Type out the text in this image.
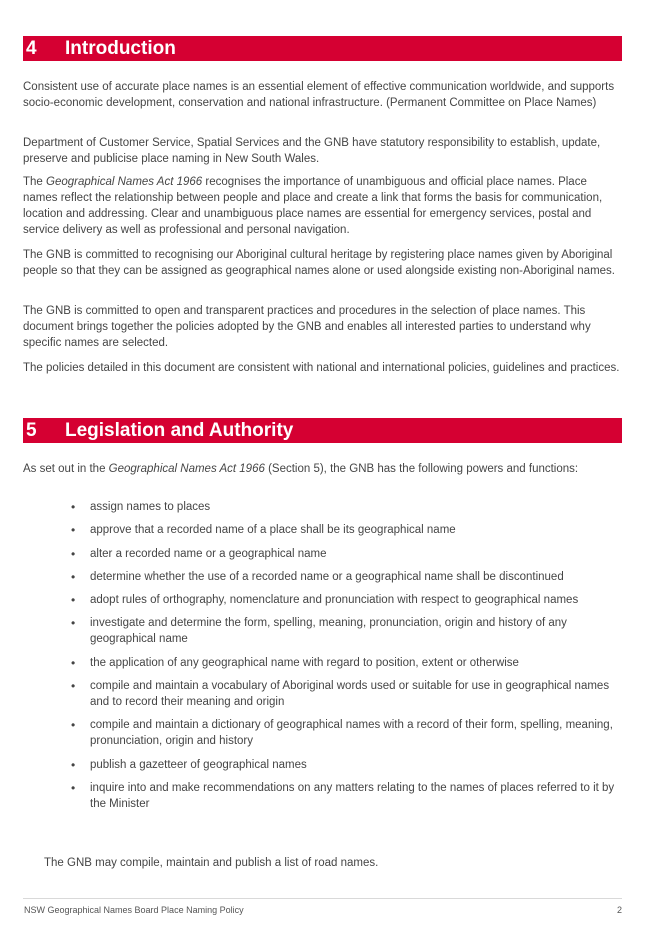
4 Introduction

Consistent use of accurate place names is an essential element of effective communication worldwide, and supports socio-economic development, conservation and national infrastructure. (Permanent Committee on Place Names)

Department of Customer Service, Spatial Services and the GNB have statutory responsibility to establish, update, preserve and publicise place naming in New South Wales.

The Geographical Names Act 1966 recognises the importance of unambiguous and official place names. Place names reflect the relationship between people and place and create a link that forms the basis for communication, location and addressing. Clear and unambiguous place names are essential for emergency services, postal and service delivery as well as professional and personal navigation.

The GNB is committed to recognising our Aboriginal cultural heritage by registering place names given by Aboriginal people so that they can be assigned as geographical names alone or used alongside existing non-Aboriginal names.

The GNB is committed to open and transparent practices and procedures in the selection of place names. This document brings together the policies adopted by the GNB and enables all interested parties to understand why specific names are selected.

The policies detailed in this document are consistent with national and international policies, guidelines and practices.

5 Legislation and Authority

As set out in the Geographical Names Act 1966 (Section 5), the GNB has the following powers and functions:

• assign names to places
• approve that a recorded name of a place shall be its geographical name
• alter a recorded name or a geographical name
• determine whether the use of a recorded name or a geographical name shall be discontinued
• adopt rules of orthography, nomenclature and pronunciation with respect to geographical names
• investigate and determine the form, spelling, meaning, pronunciation, origin and history of any geographical name
• the application of any geographical name with regard to position, extent or otherwise
• compile and maintain a vocabulary of Aboriginal words used or suitable for use in geographical names and to record their meaning and origin
• compile and maintain a dictionary of geographical names with a record of their form, spelling, meaning, pronunciation, origin and history
• publish a gazetteer of geographical names
• inquire into and make recommendations on any matters relating to the names of places referred to it by the Minister

The GNB may compile, maintain and publish a list of road names.

NSW Geographical Names Board Place Naming Policy	2
